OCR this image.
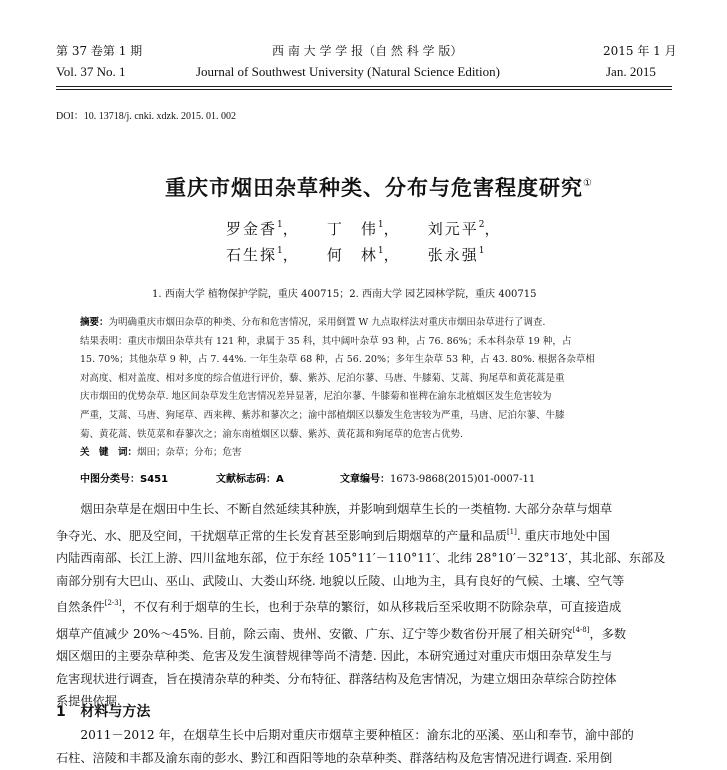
第 37 卷第 1 期	西 南 大 学 学 报（自 然 科 学 版）	2015 年 1 月
Vol. 37 No. 1	Journal of Southwest University (Natural Science Edition)	Jan. 2015
DOI：10. 13718/j. cnki. xdzk. 2015. 01. 002
重庆市烟田杂草种类、分布与危害程度研究①
罗金香$^1$， 丁　伟$^1$， 刘元平$^2$，
石生探$^1$， 何　林$^1$， 张永强$^1$
1. 西南大学 植物保护学院，重庆 400715；2. 西南大学 园艺园林学院，重庆 400715

摘要：为明确重庆市烟田杂草的种类、分布和危害情况，采用倒置 W 九点取样法对重庆市烟田杂草进行了调查.

结果表明：重庆市烟田杂草共有 121 种，隶属于 35 科，其中阔叶杂草 93 种，占 76. 86%；禾本科杂草 19 种，占

15. 70%；其他杂草 9 种，占 7. 44%. 一年生杂草 68 种，占 56. 20%；多年生杂草 53 种，占 43. 80%. 根据各杂草相

对高度、相对盖度、相对多度的综合值进行评价，藜、紫苏、尼泊尔蓼、马唐、牛膝菊、艾蒿、狗尾草和黄花蒿是重

庆市烟田的优势杂草. 地区间杂草发生危害情况差异显著，尼泊尔蓼、牛膝菊和崔稗在渝东北植烟区发生危害较为

严重，艾蒿、马唐、狗尾草、西来稗、紫苏和蓼次之；渝中部植烟区以藜发生危害较为严重，马唐、尼泊尔蓼、牛膝

菊、黄花蒿、铁苋菜和春蓼次之；渝东南植烟区以藜、紫苏、黄花蒿和狗尾草的危害占优势.

关　键　词：烟田；杂草；分布；危害

中图分类号：S451	文献标志码：A	文章编号：1673-9868(2015)01-0007-11

　　烟田杂草是在烟田中生长、不断自然延续其种族，并影响到烟草生长的一类植物. 大部分杂草与烟草

争夺光、水、肥及空间，干扰烟草正常的生长发育甚至影响到后期烟草的产量和品质[1]. 重庆市地处中国

内陆西南部、长江上游、四川盆地东部，位于东经 105°11′－110°11′、北纬 28°10′－32°13′，其北部、东部及

南部分别有大巴山、巫山、武陵山、大娄山环绕. 地貌以丘陵、山地为主，具有良好的气候、土壤、空气等

自然条件[2-3]，不仅有利于烟草的生长，也利于杂草的繁衍，如从移栽后至采收期不防除杂草，可直接造成

烟草产值减少 20%～45%. 目前，除云南、贵州、安徽、广东、辽宁等少数省份开展了相关研究[4-8]，多数

烟区烟田的主要杂草种类、危害及发生演替规律等尚不清楚. 因此，本研究通过对重庆市烟田杂草发生与

危害现状进行调查，旨在摸清杂草的种类、分布特征、群落结构及危害情况，为建立烟田杂草综合防控体

系提供依据.

1 材料与方法

　　2011－2012 年，在烟草生长中后期对重庆市烟草主要种植区：渝东北的巫溪、巫山和奉节，渝中部的

石柱、涪陵和丰都及渝东南的彭水、黔江和酉阳等地的杂草种类、群落结构及危害情况进行调查. 采用倒
